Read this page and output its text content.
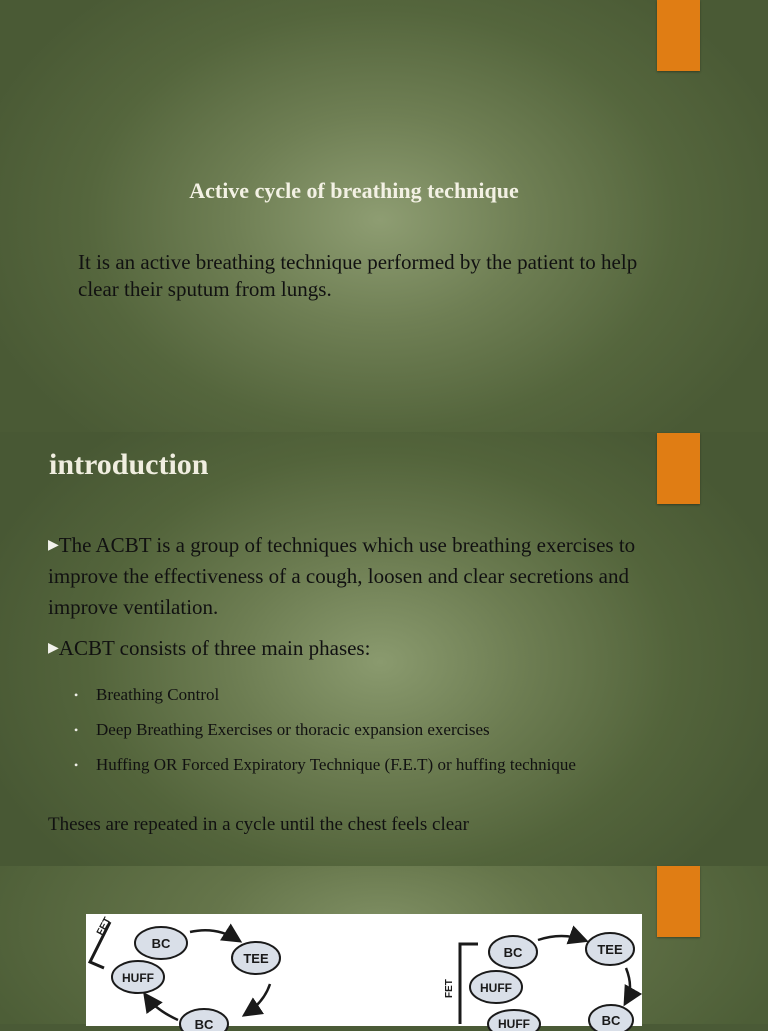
Active cycle of breathing technique
It is an active breathing technique performed by the patient to help clear their sputum from lungs.
introduction
▶The ACBT is a group of techniques which use breathing exercises to improve the effectiveness of a cough, loosen and clear secretions and improve ventilation.
▶ACBT consists of three main phases:
• Breathing Control
• Deep Breathing Exercises or thoracic expansion exercises
• Huffing OR Forced Expiratory Technique (F.E.T) or huffing technique
Theses are repeated in a cycle until the chest feels clear
FET
BC
TEE
HUFF
BC
FET
BC	TEE
HUFF
HUFF	BC
